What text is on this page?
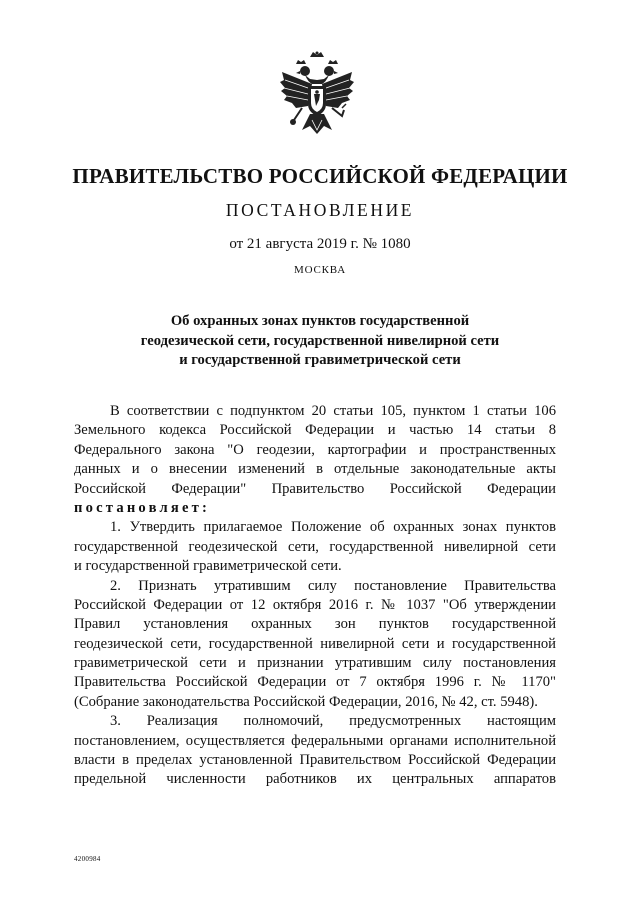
ПРАВИТЕЛЬСТВО РОССИЙСКОЙ ФЕДЕРАЦИИ
ПОСТАНОВЛЕНИЕ
от 21 августа 2019 г. № 1080
МОСКВА
Об охранных зонах пунктов государственной
геодезической сети, государственной нивелирной сети
и государственной гравиметрической сети
В соответствии с подпунктом 20 статьи 105, пунктом 1 статьи 106
Земельного кодекса Российской Федерации и частью 14 статьи 8
Федерального закона "О геодезии, картографии и пространственных
данных и о внесении изменений в отдельные законодательные акты
Российской Федерации" Правительство Российской Федерации
постановляет:
1. Утвердить прилагаемое Положение об охранных зонах пунктов
государственной геодезической сети, государственной нивелирной сети
и государственной гравиметрической сети.
2. Признать утратившим силу постановление Правительства
Российской Федерации от 12 октября 2016 г. № 1037 "Об утверждении
Правил установления охранных зон пунктов государственной
геодезической сети, государственной нивелирной сети и государственной
гравиметрической сети и признании утратившим силу постановления
Правительства Российской Федерации от 7 октября 1996 г. № 1170"
(Собрание законодательства Российской Федерации, 2016, № 42, ст. 5948).
3. Реализация полномочий, предусмотренных настоящим
постановлением, осуществляется федеральными органами исполнительной
власти в пределах установленной Правительством Российской Федерации
предельной численности работников их центральных аппаратов
4200984
